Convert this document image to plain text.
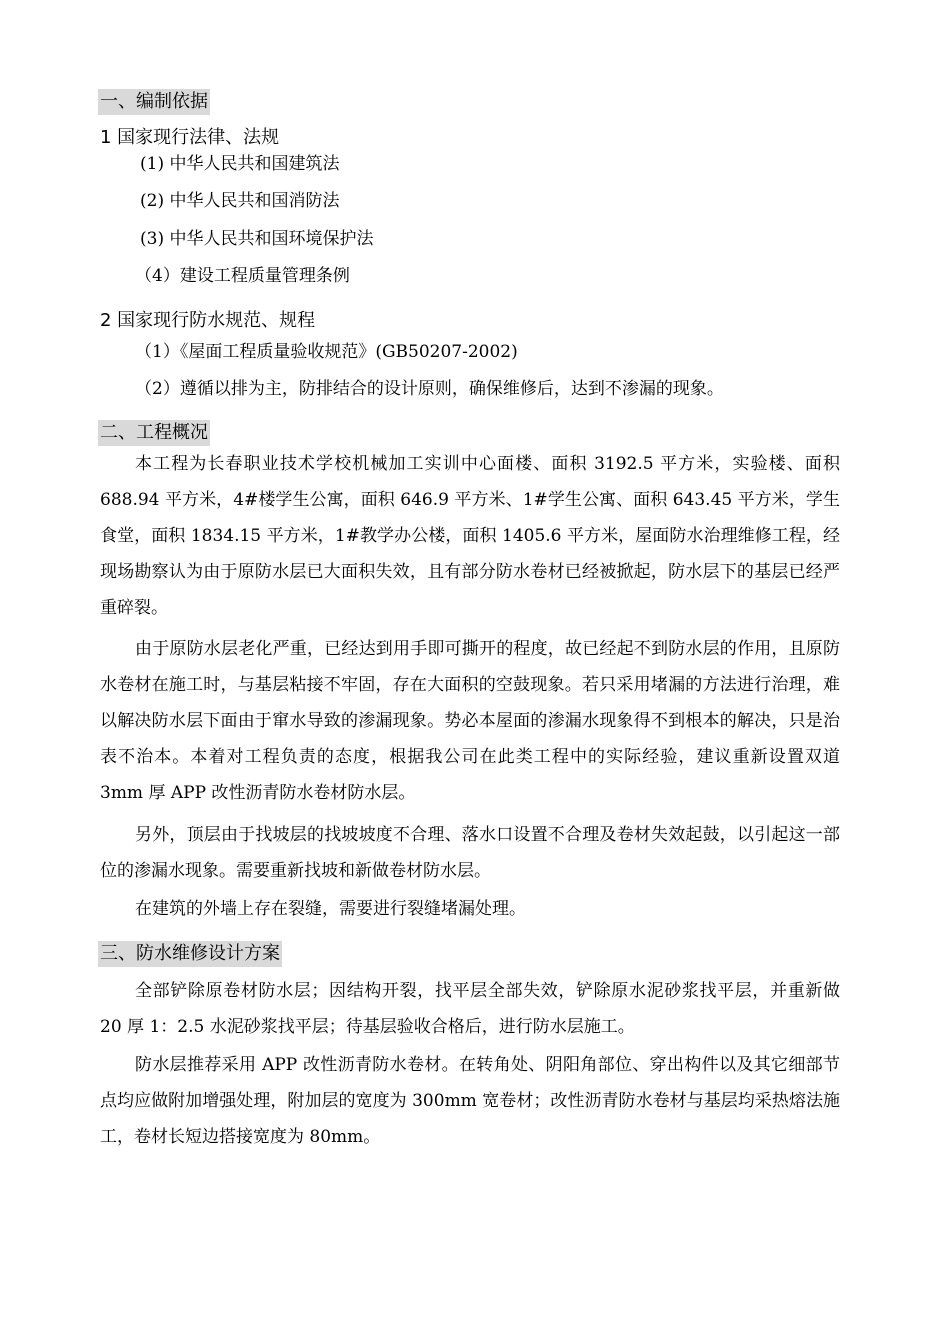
一、编制依据
1 国家现行法律、法规
(1) 中华人民共和国建筑法
(2) 中华人民共和国消防法
(3) 中华人民共和国环境保护法
（4）建设工程质量管理条例
2 国家现行防水规范、规程
（1）《屋面工程质量验收规范》(GB50207-2002)
（2）遵循以排为主，防排结合的设计原则，确保维修后，达到不渗漏的现象。
二、工程概况

本工程为长春职业技术学校机械加工实训中心面楼、面积 3192.5 平方米，实验楼、面积 688.94 平方米，4#楼学生公寓，面积 646.9 平方米、1#学生公寓、面积 643.45 平方米，学生食堂，面积 1834.15 平方米，1#教学办公楼，面积 1405.6 平方米，屋面防水治理维修工程，经现场勘察认为由于原防水层已大面积失效，且有部分防水卷材已经被掀起，防水层下的基层已经严重碎裂。

由于原防水层老化严重，已经达到用手即可撕开的程度，故已经起不到防水层的作用，且原防水卷材在施工时，与基层粘接不牢固，存在大面积的空鼓现象。若只采用堵漏的方法进行治理，难以解决防水层下面由于窜水导致的渗漏现象。势必本屋面的渗漏水现象得不到根本的解决，只是治表不治本。本着对工程负责的态度，根据我公司在此类工程中的实际经验，建议重新设置双道 3mm 厚 APP 改性沥青防水卷材防水层。

另外，顶层由于找坡层的找坡坡度不合理、落水口设置不合理及卷材失效起鼓，以引起这一部位的渗漏水现象。需要重新找坡和新做卷材防水层。

在建筑的外墙上存在裂缝，需要进行裂缝堵漏处理。

三、防水维修设计方案

全部铲除原卷材防水层；因结构开裂，找平层全部失效，铲除原水泥砂浆找平层，并重新做 20 厚 1：2.5 水泥砂浆找平层；待基层验收合格后，进行防水层施工。

防水层推荐采用 APP 改性沥青防水卷材。在转角处、阴阳角部位、穿出构件以及其它细部节点均应做附加增强处理，附加层的宽度为 300mm 宽卷材；改性沥青防水卷材与基层均采热熔法施工，卷材长短边搭接宽度为 80mm。
